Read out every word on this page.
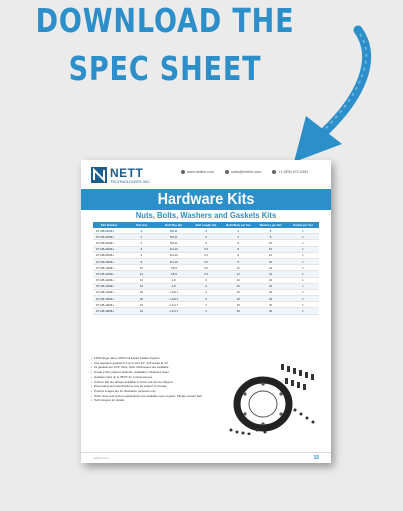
DOWNLOAD THE
SPEC SHEET
NETT
TECHNOLOGIES INC.
www.nettinc.com	sales@nettinc.com	+1 (905) 672-5453
Hardware Kits
Nuts, Bolts, Washers and Gaskets Kits
Part Number	Size (in)	Bolt Size (in)	Bolt Length (in)	Bolts/Nuts per Set	Washers per Set	Gasket per Set
KT-GB-0100H	2	5/8-11	3	4	8	1
KT-GB-0200H	3	5/8-11	3	4	8	1
KT-GB-0300H	4	5/8-11	3	8	16	1
KT-GB-0400H	5	3/4-10	3.5	8	16	1
KT-GB-0500H	6	3/4-10	3.5	8	16	1
KT-GB-0600H	8	3/4-10	3.5	8	16	1
KT-GB-1000H	10	7/8-9	3.5	12	24	1
KT-GB-1100H	12	7/8-9	3.5	12	24	1
KT-GB-1200H	14	1-8	3	12	24	1
KT-GB-1300H	16	1-8	3	16	32	1
KT-GB-1400H	18	1-1/8-7	3	16	32	1
KT-GB-1500H	20	1-1/8-7	3	20	40	1
KT-GB-1600H	22	1-1/4-7	3	20	40	1
KT-GB-1800H	24	1-1/4-7	3	20	40	1
• 150# flange rated, ANSI Full Faced Gasket System
• Use signature gaskets for up to size 24", bolt tested at 4 ft
• Fit gaskets are 1/16" thick; other thicknesses are available
• Grade 2 Zinc plated nuts/bolts. Available in Stainless Steel
• Gaskets rated up to 350°F for continuous use
• Custom kits are always available in stock and can be shipped
• Dimensions and specifications may be subject to change
• Product images are for illustrative purposes only
• Other sizes and custom applications are available upon request. Please contact Nett
• Technologies for details
nettinc.com	15
